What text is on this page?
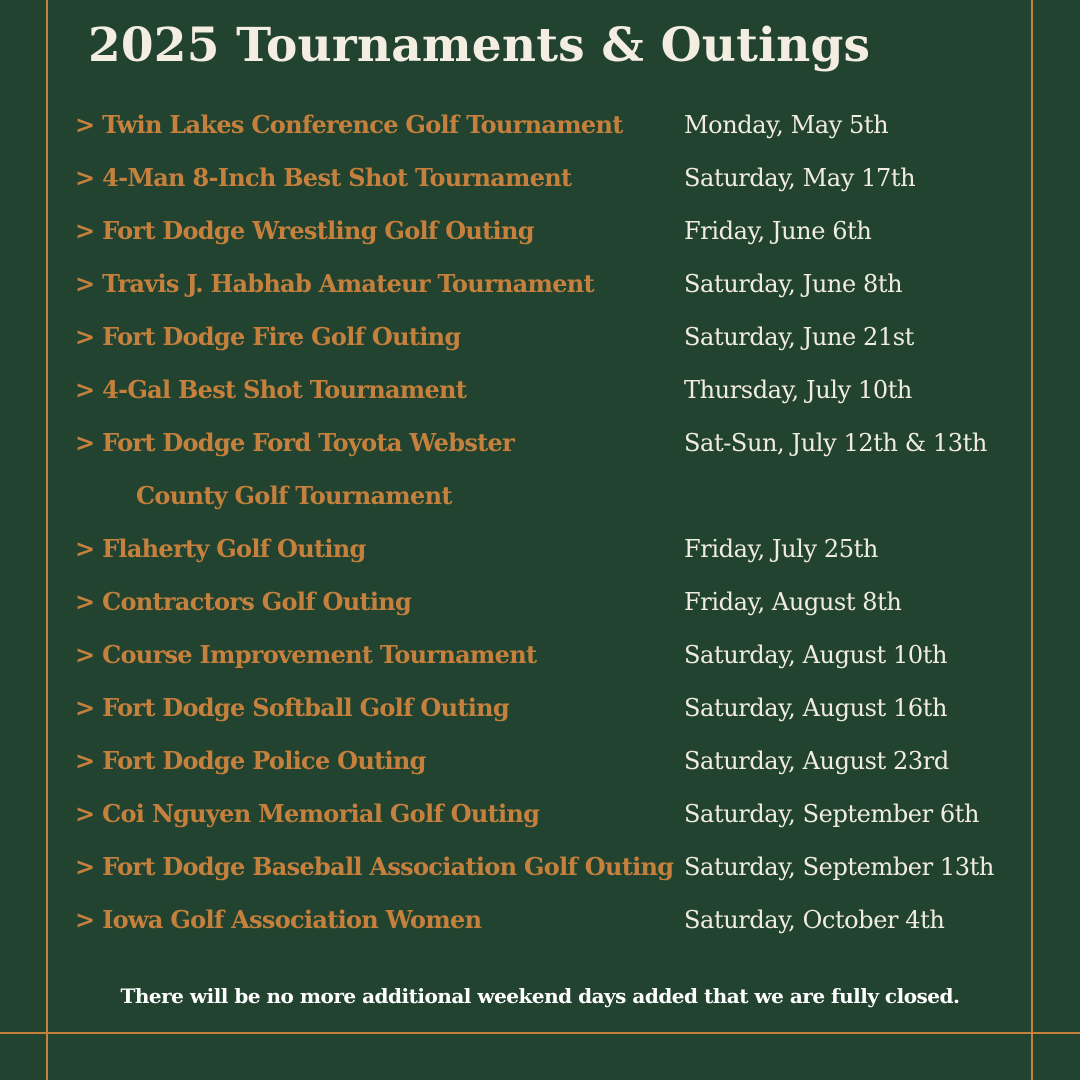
2025 Tournaments & Outings
> Twin Lakes Conference Golf Tournament	Monday, May 5th
> 4-Man 8-Inch Best Shot Tournament	Saturday, May 17th
> Fort Dodge Wrestling Golf Outing	Friday, June 6th
> Travis J. Habhab Amateur Tournament	Saturday, June 8th
> Fort Dodge Fire Golf Outing	Saturday, June 21st
> 4-Gal Best Shot Tournament	Thursday, July 10th
> Fort Dodge Ford Toyota Webster	Sat-Sun, July 12th & 13th
County Golf Tournament
> Flaherty Golf Outing	Friday, July 25th
> Contractors Golf Outing	Friday, August 8th
> Course Improvement Tournament	Saturday, August 10th
> Fort Dodge Softball Golf Outing	Saturday, August 16th
> Fort Dodge Police Outing	Saturday, August 23rd
> Coi Nguyen Memorial Golf Outing	Saturday, September 6th
> Fort Dodge Baseball Association Golf Outing Saturday, September 13th
> Iowa Golf Association Women	Saturday, October 4th
There will be no more additional weekend days added that we are fully closed.
